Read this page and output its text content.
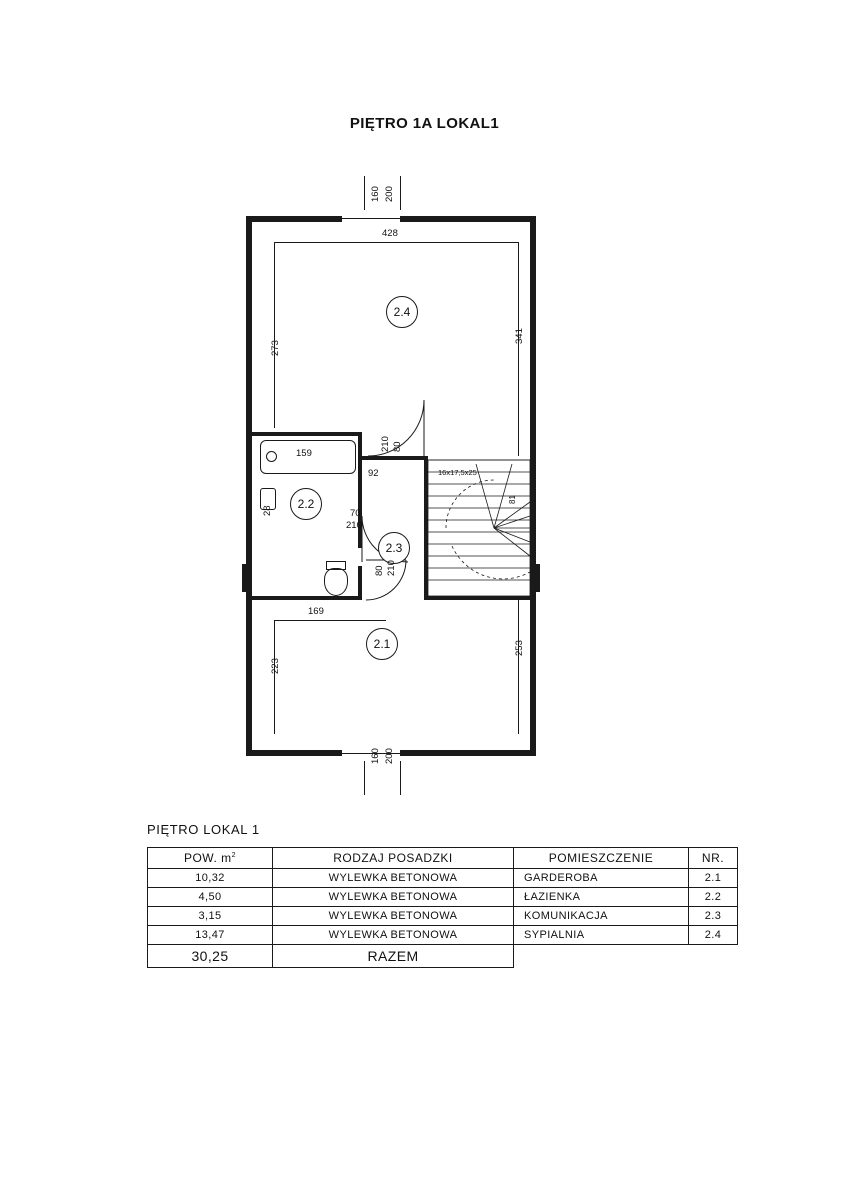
PIĘTRO 1A LOKAL1
2.4
2.2
2.3
2.1
160 200
428
273
341
159
28
210 80
92
70
210
80 210
16x17,5x25
81
169
223
253
160 200
PIĘTRO LOKAL 1
POW. $m^2$	RODZAJ POSADZKI	POMIESZCZENIE	NR.
10,32	WYLEWKA BETONOWA	GARDEROBA	2.1
4,50	WYLEWKA BETONOWA	ŁAZIENKA	2.2
3,15	WYLEWKA BETONOWA	KOMUNIKACJA	2.3
13,47	WYLEWKA BETONOWA	SYPIALNIA	2.4
30,25	RAZEM		
